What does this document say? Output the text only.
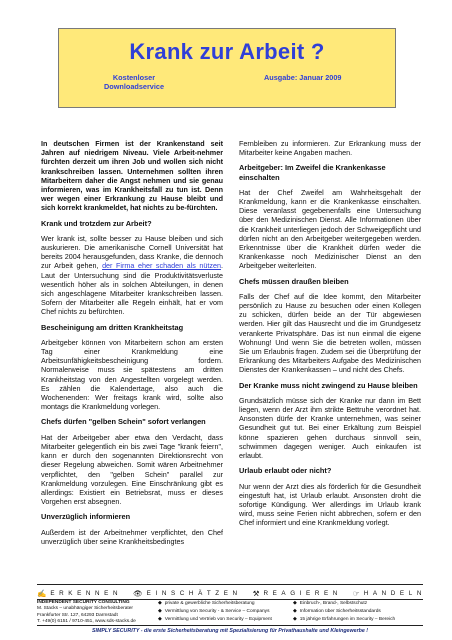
Krank zur Arbeit ?
Kostenloser Downloadservice
Ausgabe: Januar 2009

In deutschen Firmen ist der Krankenstand seit Jahren auf niedrigem Niveau. Viele Arbeit-nehmer fürchten derzeit um ihren Job und wollen sich nicht krankschreiben lassen. Unternehmen sollten ihren Mitarbeitern daher die Angst nehmen und sie genau informieren, was im Krankheitsfall zu tun ist. Denn wer wegen einer Erkrankung zu Hause bleibt und sich korrekt krankmeldet, hat nichts zu be-fürchten.

Krank und trotzdem zur Arbeit?

Wer krank ist, sollte besser zu Hause bleiben und sich auskurieren. Die amerikanische Cornell Universität hat bereits 2004 herausgefunden, dass Kranke, die dennoch zur Arbeit gehen, der Firma eher schaden als nützen. Laut der Untersuchung sind die Produktivitätsverluste wesentlich höher als in solchen Abteilungen, in denen sich angeschlagene Mitarbeiter krankschreiben lassen. Sofern der Mitarbeiter alle Regeln einhält, hat er vom Chef nichts zu befürchten.

Bescheinigung am dritten Krankheitstag

Arbeitgeber können von Mitarbeitern schon am ersten Tag einer Krankmeldung eine Arbeitsunfähigkeitsbescheinigung fordern. Normalerweise muss sie spätestens am dritten Krankheitstag von den Angestellten vorgelegt werden. Es zählen die Kalendertage, also auch die Wochenenden: Wer freitags krank wird, sollte also montags die Krankmeldung vorlegen.

Chefs dürfen "gelben Schein" sofort verlangen

Hat der Arbeitgeber aber etwa den Verdacht, dass Mitarbeiter gelegentlich ein bis zwei Tage "krank feiern", kann er durch den sogenannten Direktionsrecht von dieser Regelung abweichen. Somit wären Arbeitnehmer verpflichtet, den "gelben Schein" parallel zur Krankmeldung vorzulegen. Eine Einschränkung gibt es allerdings: Existiert ein Betriebsrat, muss er dieses Vorgehen erst absegnen.

Unverzüglich informieren

Außerdem ist der Arbeitnehmer verpflichtet, den Chef unverzüglich über seine Krankheitsbedingtes

Fernbleiben zu informieren. Zur Erkrankung muss der Mitarbeiter keine Angaben machen.

Arbeitgeber: Im Zweifel die Krankenkasse einschalten

Hat der Chef Zweifel am Wahrheitsgehalt der Krankmeldung, kann er die Krankenkasse einschalten. Diese veranlasst gegebenenfalls eine Untersuchung über den Medizinischen Dienst. Alle Informationen über die Krankheit unterliegen jedoch der Schweigepflicht und dürfen nicht an den Arbeitgeber weitergegeben werden. Erkenntnisse über die Krankheit dürfen weder die Krankenkasse noch Medizinischer Dienst an den Arbeitgeber weiterleiten.

Chefs müssen draußen bleiben

Falls der Chef auf die Idee kommt, den Mitarbeiter persönlich zu Hause zu besuchen oder einen Kollegen zu schicken, dürfen beide an der Tür abgewiesen werden. Hier gilt das Hausrecht und die im Grundgesetz verankerte Privatsphäre. Das ist nun einmal die eigene Wohnung! Und wenn Sie die betreten wollen, müssen Sie um Erlaubnis fragen. Zudem sei die Überprüfung der Erkrankung des Mitarbeiters Aufgabe des Medizinischen Dienstes der Krankenkassen – und nicht des Chefs.

Der Kranke muss nicht zwingend zu Hause bleiben

Grundsätzlich müsse sich der Kranke nur dann im Bett liegen, wenn der Arzt ihm strikte Bettruhe verordnet hat. Ansonsten dürfe der Kranke unternehmen, was seiner Gesundheit gut tut. Bei einer Erkältung zum Beispiel könne spazieren gehen durchaus sinnvoll sein, schwimmen dagegen weniger. Auch einkaufen ist erlaubt.

Urlaub erlaubt oder nicht?

Nur wenn der Arzt dies als förderlich für die Gesundheit eingestuft hat, ist Urlaub erlaubt. Ansonsten droht die sofortige Kündigung. Wer allerdings im Urlaub krank wird, muss seine Ferien nicht abbrechen, sofern er den Chef informiert und eine Krankmeldung vorlegt.

✍ ERKENNEN 👁 EINSCHÄTZEN ⚒ REAGIEREN ☞ HANDELN
INDEPENDENT SECURITY CONSULTING
M. Stacks – unabhängiger Sicherheitsberater
Frankfurter Str. 127, 64293 Darmstadt
T. +49(0) 6151 / 9710-451, www.sds-stacks.de
◆ private & gewerbliche Sicherheitsberatung
◆ Vermittlung von Security - & Service – Companys
◆ Vermittlung und Vertrieb von Security – Equipment
◆ Einbruch-, Brand-, Selbstschutz
◆ Information über Sicherheitsstandards
◆ 15 jährige Erfahrungen im Security – Bereich
SIMPLY SECURITY - die erste Sicherheitsberatung mit Spezialisierung für Privathaushalte und Kleingewerbe !
